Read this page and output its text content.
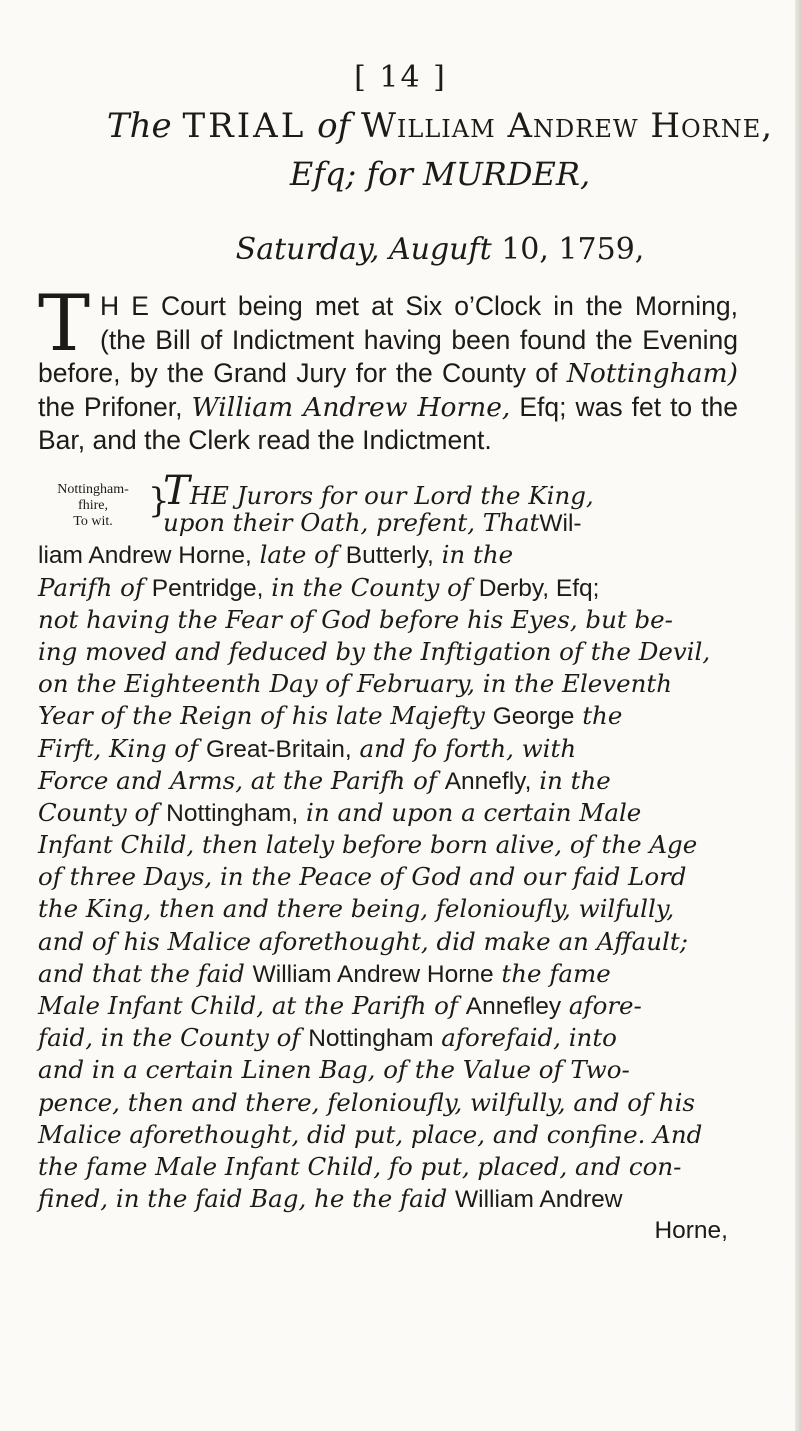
[ 14 ]
The TRIAL of William Andrew Horne,
Efq; for MURDER,
Saturday, Auguft 10, 1759,
T H E Court being met at Six o’Clock in the Morning, (the Bill of Indictment having been found the Evening before, by the Grand Jury for the County of Nottingham) the Prifoner, William Andrew Horne, Efq; was fet to the Bar, and the Clerk read the Indictment.
Nottingham-
fhire,
To wit.
}
THE Jurors for our Lord the King,
upon their Oath, prefent, ThatWil-
liam Andrew Horne, late of Butterly, in the
Parifh of Pentridge, in the County of Derby, Efq;
not having the Fear of God before his Eyes, but be-
ing moved and feduced by the Inftigation of the Devil,
on the Eighteenth Day of February, in the Eleventh
Year of the Reign of his late Majefty George the
Firft, King of Great-Britain, and fo forth, with
Force and Arms, at the Parifh of Annefly, in the
County of Nottingham, in and upon a certain Male
Infant Child, then lately before born alive, of the Age
of three Days, in the Peace of God and our faid Lord
the King, then and there being, felonioufly, wilfully,
and of his Malice aforethought, did make an Affault;
and that the faid William Andrew Horne the fame
Male Infant Child, at the Parifh of Annefley afore-
faid, in the County of Nottingham aforefaid, into
and in a certain Linen Bag, of the Value of Two-
pence, then and there, felonioufly, wilfully, and of his
Malice aforethought, did put, place, and confine. And
the fame Male Infant Child, fo put, placed, and con-
fined, in the faid Bag, he the faid William Andrew
Horne,
